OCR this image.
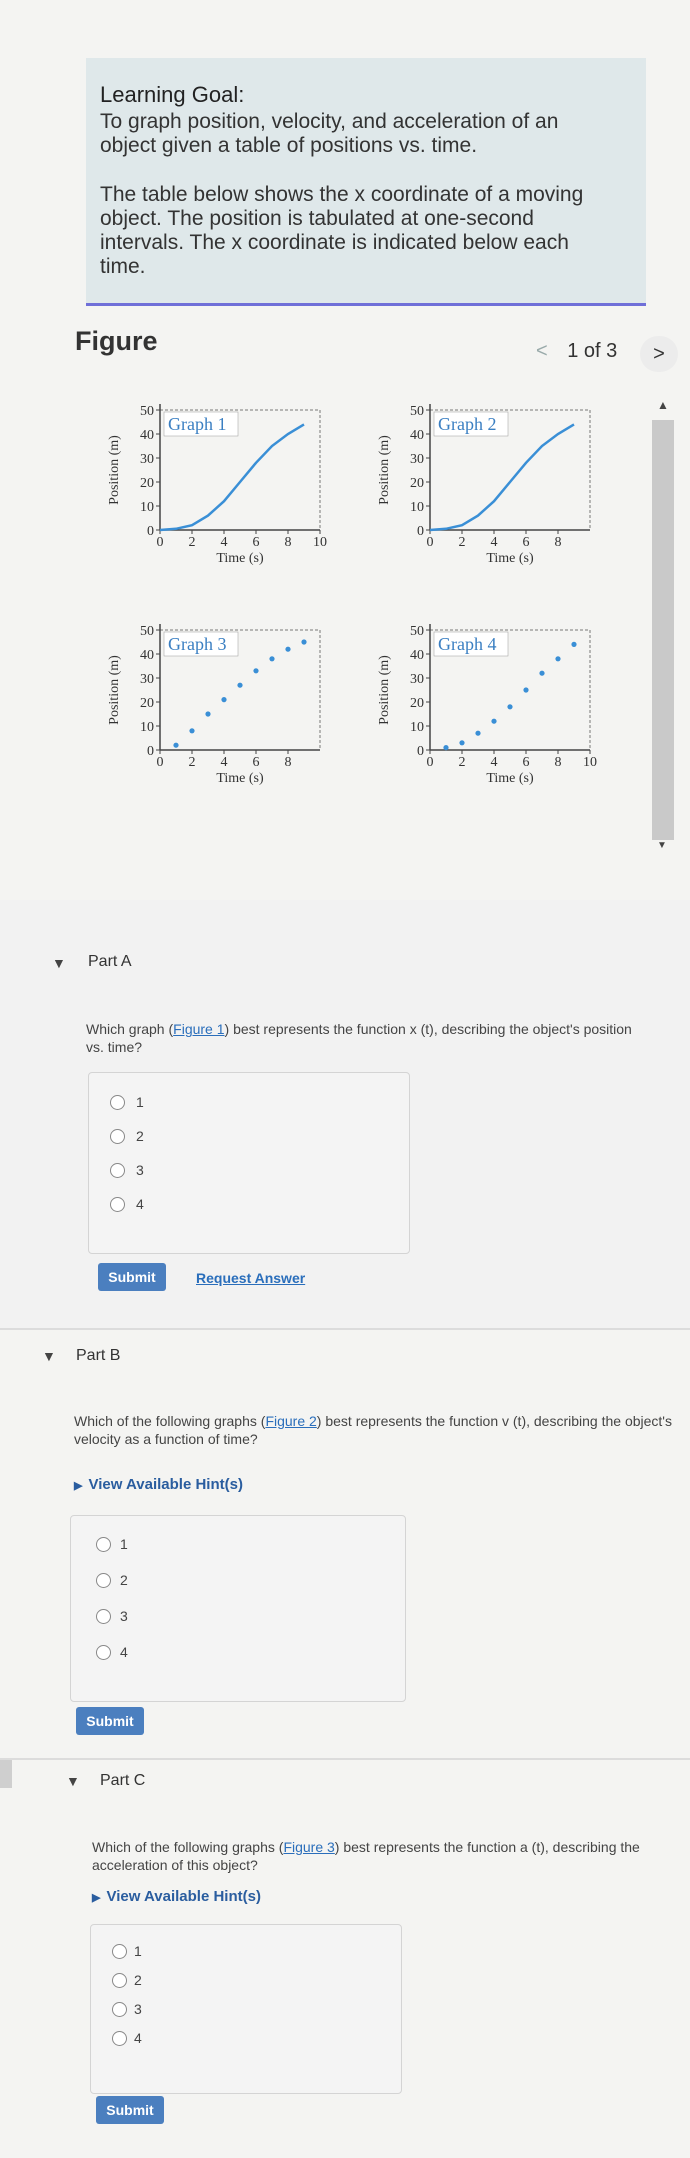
Learning Goal:
To graph position, velocity, and acceleration of an object given a table of positions vs. time.
The table below shows the x coordinate of a moving object. The position is tabulated at one-second intervals. The x coordinate is indicated below each time.
Figure	< 1 of 3	>
▲
▼
50
40
30
20
10
0
0 2 4 6 8 10
Time (s)
Position (m)
Graph 1
50
40
30
20
10
0
0 2 4 6 8
Time (s)
Position (m)
Graph 2
50
40
30
20
10
0
0 2 4 6 8
Time (s)
Position (m)
Graph 3
50
40
30
20
10
0
0 2 4 6 8 10
Time (s)
Position (m)
Graph 4
▼ Part A
Which graph (Figure 1) best represents the function x (t), describing the object's position vs. time?
1
2
3
4
Submit	Request Answer
▼ Part B
Which of the following graphs (Figure 2) best represents the function v (t), describing the object's velocity as a function of time?
▶ View Available Hint(s)
1
2
3
4
Submit
▼ Part C
Which of the following graphs (Figure 3) best represents the function a (t), describing the acceleration of this object?
▶ View Available Hint(s)
1
2
3
4
Submit
